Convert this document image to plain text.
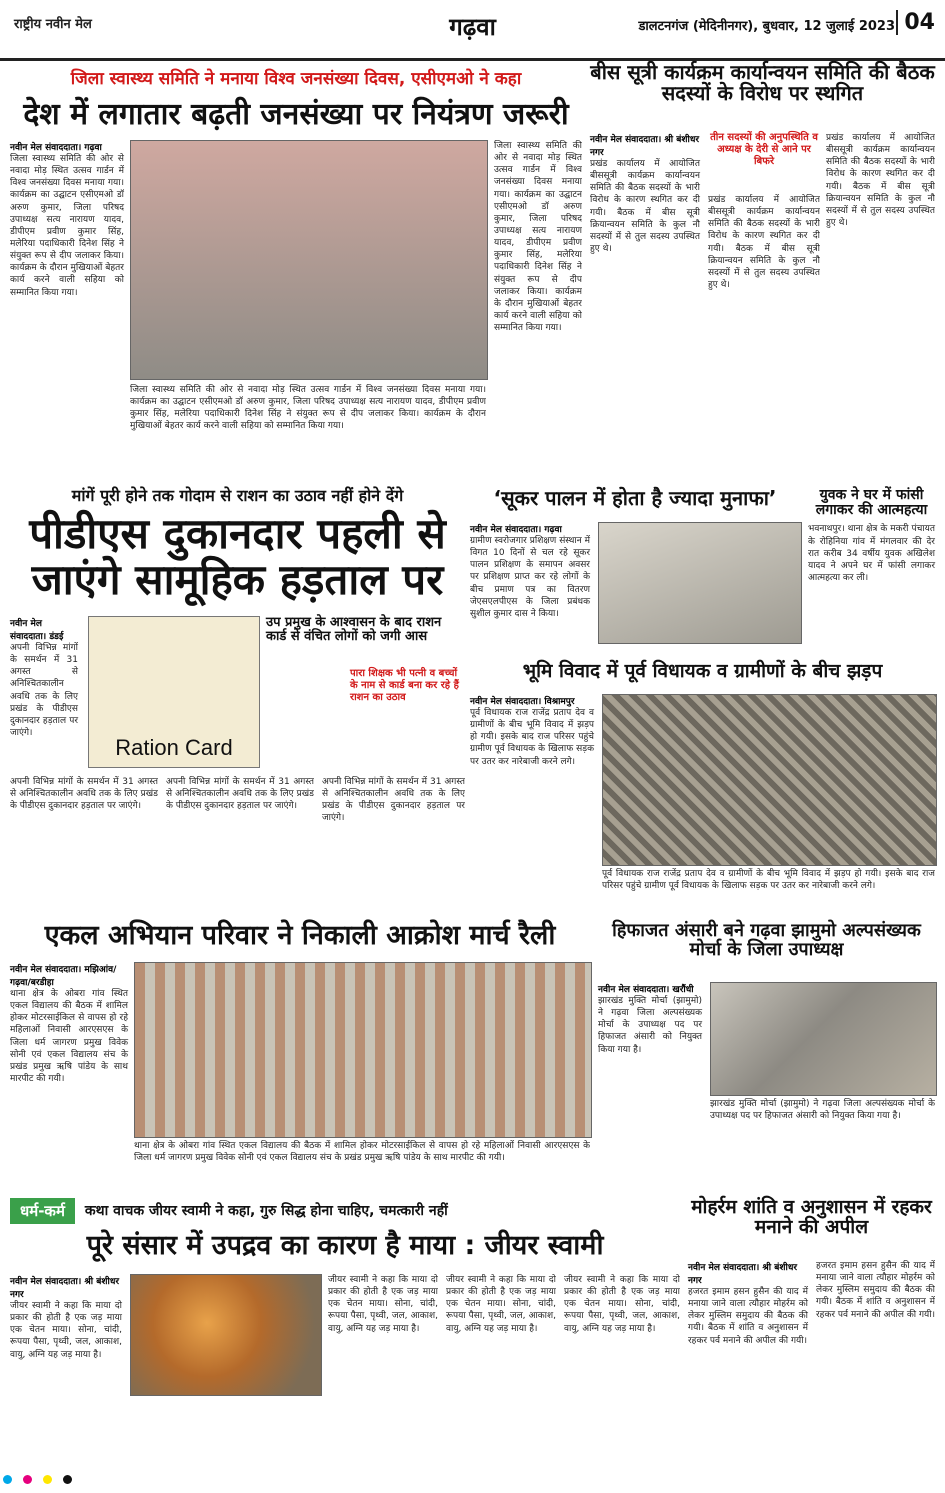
राष्ट्रीय नवीन मेल	गढ़वा	डालटनगंज (मेदिनीनगर), बुधवार, 12 जुलाई 2023 04
जिला स्वास्थ्य समिति ने मनाया विश्व जनसंख्या दिवस, एसीएमओ ने कहा
देश में लगातार बढ़ती जनसंख्या पर नियंत्रण जरूरी
नवीन मेल संवाददाता। गढ़वा
जिला स्वास्थ्य समिति की ओर से नवादा मोड़ स्थित उत्सव गार्डन में विश्व जनसंख्या दिवस मनाया गया। कार्यक्रम का उद्घाटन एसीएमओ डॉ अरुण कुमार, जिला परिषद उपाध्यक्ष सत्य नारायण यादव, डीपीएम प्रवीण कुमार सिंह, मलेरिया पदाधिकारी दिनेश सिंह ने संयुक्त रूप से दीप जलाकर किया। कार्यक्रम के दौरान मुखियाओं बेहतर कार्य करने वाली सहिया को सम्मानित किया गया।
जिला स्वास्थ्य समिति की ओर से नवादा मोड़ स्थित उत्सव गार्डन में विश्व जनसंख्या दिवस मनाया गया। कार्यक्रम का उद्घाटन एसीएमओ डॉ अरुण कुमार, जिला परिषद उपाध्यक्ष सत्य नारायण यादव, डीपीएम प्रवीण कुमार सिंह, मलेरिया पदाधिकारी दिनेश सिंह ने संयुक्त रूप से दीप जलाकर किया। कार्यक्रम के दौरान मुखियाओं बेहतर कार्य करने वाली सहिया को सम्मानित किया गया।
जिला स्वास्थ्य समिति की ओर से नवादा मोड़ स्थित उत्सव गार्डन में विश्व जनसंख्या दिवस मनाया गया। कार्यक्रम का उद्घाटन एसीएमओ डॉ अरुण कुमार, जिला परिषद उपाध्यक्ष सत्य नारायण यादव, डीपीएम प्रवीण कुमार सिंह, मलेरिया पदाधिकारी दिनेश सिंह ने संयुक्त रूप से दीप जलाकर किया। कार्यक्रम के दौरान मुखियाओं बेहतर कार्य करने वाली सहिया को सम्मानित किया गया।
बीस सूत्री कार्यक्रम कार्यान्वयन समिति की बैठक सदस्यों के विरोध पर स्थगित
नवीन मेल संवाददाता। श्री बंशीधर नगर
प्रखंड कार्यालय में आयोजित बीससूत्री कार्यक्रम कार्यान्वयन समिति की बैठक सदस्यों के भारी विरोध के कारण स्थगित कर दी गयी। बैठक में बीस सूत्री क्रियान्वयन समिति के कुल नौ सदस्यों में से तुल सदस्य उपस्थित हुए थे।
तीन सदस्यों की अनुपस्थिति व अध्यक्ष के देरी से आने पर बिफरे
प्रखंड कार्यालय में आयोजित बीससूत्री कार्यक्रम कार्यान्वयन समिति की बैठक सदस्यों के भारी विरोध के कारण स्थगित कर दी गयी। बैठक में बीस सूत्री क्रियान्वयन समिति के कुल नौ सदस्यों में से तुल सदस्य उपस्थित हुए थे।
प्रखंड कार्यालय में आयोजित बीससूत्री कार्यक्रम कार्यान्वयन समिति की बैठक सदस्यों के भारी विरोध के कारण स्थगित कर दी गयी। बैठक में बीस सूत्री क्रियान्वयन समिति के कुल नौ सदस्यों में से तुल सदस्य उपस्थित हुए थे।
मांगें पूरी होने तक गोदाम से राशन का उठाव नहीं होने देंगे
पीडीएस दुकानदार पहली से जाएंगे सामूहिक हड़ताल पर
नवीन मेल संवाददाता। डंडई
अपनी विभिन्न मांगों के समर्थन में 31 अगस्त से अनिश्चितकालीन अवधि तक के लिए प्रखंड के पीडीएस दुकानदार हड़ताल पर जाएंगे।
Ration Card
उप प्रमुख के आश्वासन के बाद राशन कार्ड से वंचित लोगों को जगी आस
पारा शिक्षक भी पत्नी व बच्चों के नाम से कार्ड बना कर रहे हैं राशन का उठाव
अपनी विभिन्न मांगों के समर्थन में 31 अगस्त से अनिश्चितकालीन अवधि तक के लिए प्रखंड के पीडीएस दुकानदार हड़ताल पर जाएंगे।
अपनी विभिन्न मांगों के समर्थन में 31 अगस्त से अनिश्चितकालीन अवधि तक के लिए प्रखंड के पीडीएस दुकानदार हड़ताल पर जाएंगे।
अपनी विभिन्न मांगों के समर्थन में 31 अगस्त से अनिश्चितकालीन अवधि तक के लिए प्रखंड के पीडीएस दुकानदार हड़ताल पर जाएंगे।
‘सूकर पालन में होता है ज्यादा मुनाफा’
नवीन मेल संवाददाता। गढ़वा
ग्रामीण स्वरोजगार प्रशिक्षण संस्थान में विगत 10 दिनों से चल रहे सूकर पालन प्रशिक्षण के समापन अवसर पर प्रशिक्षण प्राप्त कर रहे लोगों के बीच प्रमाण पत्र का वितरण जेएसएलपीएस के जिला प्रबंधक सुशील कुमार दास ने किया।
युवक ने घर में फांसी लगाकर की आत्महत्या
भवनाथपुर। थाना क्षेत्र के मकरी पंचायत के रोहिनिया गांव में मंगलवार की देर रात करीब 34 वर्षीय युवक अखिलेश यादव ने अपने घर में फांसी लगाकर आत्महत्या कर ली।
भूमि विवाद में पूर्व विधायक व ग्रामीणों के बीच झड़प
नवीन मेल संवाददाता। विश्रामपुर
पूर्व विधायक राज राजेंद्र प्रताप देव व ग्रामीणों के बीच भूमि विवाद में झड़प हो गयी। इसके बाद राज परिसर पहुंचे ग्रामीण पूर्व विधायक के खिलाफ सड़क पर उतर कर नारेबाजी करने लगे।
पूर्व विधायक राज राजेंद्र प्रताप देव व ग्रामीणों के बीच भूमि विवाद में झड़प हो गयी। इसके बाद राज परिसर पहुंचे ग्रामीण पूर्व विधायक के खिलाफ सड़क पर उतर कर नारेबाजी करने लगे।
एकल अभियान परिवार ने निकाली आक्रोश मार्च रैली
नवीन मेल संवाददाता। मझिआंव/गढ़वा/बरडीहा
थाना क्षेत्र के ओबरा गांव स्थित एकल विद्यालय की बैठक में शामिल होकर मोटरसाईकिल से वापस हो रहे महिलाओं निवासी आरएसएस के जिला धर्म जागरण प्रमुख विवेक सोनी एवं एकल विद्यालय संच के प्रखंड प्रमुख ऋषि पांडेय के साथ मारपीट की गयी।
थाना क्षेत्र के ओबरा गांव स्थित एकल विद्यालय की बैठक में शामिल होकर मोटरसाईकिल से वापस हो रहे महिलाओं निवासी आरएसएस के जिला धर्म जागरण प्रमुख विवेक सोनी एवं एकल विद्यालय संच के प्रखंड प्रमुख ऋषि पांडेय के साथ मारपीट की गयी।
हिफाजत अंसारी बने गढ़वा झामुमो अल्पसंख्यक मोर्चा के जिला उपाध्यक्ष
नवीन मेल संवाददाता। खरौंधी
झारखंड मुक्ति मोर्चा (झामुमो) ने गढ़वा जिला अल्पसंख्यक मोर्चा के उपाध्यक्ष पद पर हिफाजत अंसारी को नियुक्त किया गया है।
झारखंड मुक्ति मोर्चा (झामुमो) ने गढ़वा जिला अल्पसंख्यक मोर्चा के उपाध्यक्ष पद पर हिफाजत अंसारी को नियुक्त किया गया है।
धर्म-कर्म	कथा वाचक जीयर स्वामी ने कहा, गुरु सिद्ध होना चाहिए, चमत्कारी नहीं
पूरे संसार में उपद्रव का कारण है माया : जीयर स्वामी
नवीन मेल संवाददाता। श्री बंशीधर नगर
जीयर स्वामी ने कहा कि माया दो प्रकार की होती है एक जड़ माया एक चेतन माया। सोना, चांदी, रूपया पैसा, पृथ्वी, जल, आकाश, वायु, अग्नि यह जड़ माया है।
जीयर स्वामी ने कहा कि माया दो प्रकार की होती है एक जड़ माया एक चेतन माया। सोना, चांदी, रूपया पैसा, पृथ्वी, जल, आकाश, वायु, अग्नि यह जड़ माया है।
जीयर स्वामी ने कहा कि माया दो प्रकार की होती है एक जड़ माया एक चेतन माया। सोना, चांदी, रूपया पैसा, पृथ्वी, जल, आकाश, वायु, अग्नि यह जड़ माया है।
जीयर स्वामी ने कहा कि माया दो प्रकार की होती है एक जड़ माया एक चेतन माया। सोना, चांदी, रूपया पैसा, पृथ्वी, जल, आकाश, वायु, अग्नि यह जड़ माया है।
मोहर्रम शांति व अनुशासन में रहकर मनाने की अपील
नवीन मेल संवाददाता। श्री बंशीधर नगर
हजरत इमाम हसन हुसैन की याद में मनाया जाने वाला त्यौहार मोहर्रम को लेकर मुस्लिम समुदाय की बैठक की गयी। बैठक में शांति व अनुशासन में रहकर पर्व मनाने की अपील की गयी।
हजरत इमाम हसन हुसैन की याद में मनाया जाने वाला त्यौहार मोहर्रम को लेकर मुस्लिम समुदाय की बैठक की गयी। बैठक में शांति व अनुशासन में रहकर पर्व मनाने की अपील की गयी।
